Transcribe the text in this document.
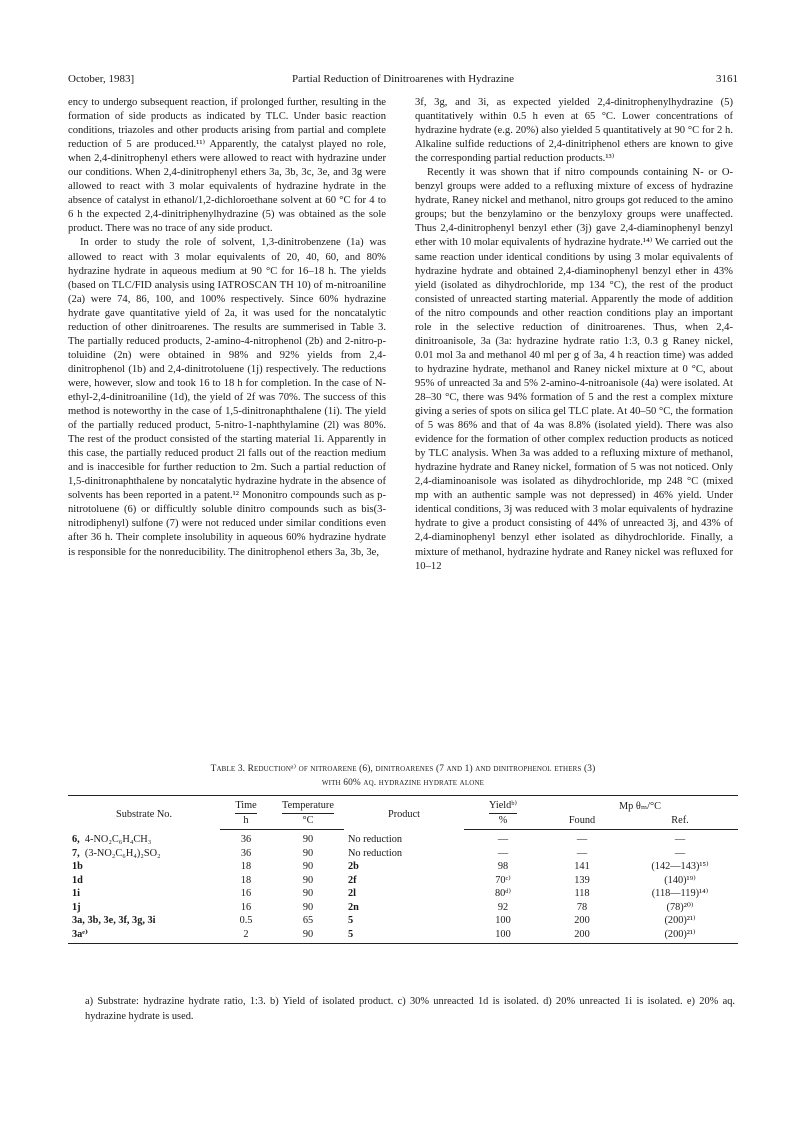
October, 1983]	Partial Reduction of Dinitroarenes with Hydrazine	3161

ency to undergo subsequent reaction, if prolonged further, resulting in the formation of side products as indicated by TLC. Under basic reaction conditions, triazoles and other products arising from partial and complete reduction of 5 are produced.¹¹⁾ Apparently, the catalyst played no role, when 2,4-dinitrophenyl ethers were allowed to react with hydrazine under our conditions. When 2,4-dinitrophenyl ethers 3a, 3b, 3c, 3e, and 3g were allowed to react with 3 molar equivalents of hydrazine hydrate in the absence of catalyst in ethanol/1,2-dichloroethane solvent at 60 °C for 4 to 6 h the expected 2,4-dinitriphenylhydrazine (5) was obtained as the sole product. There was no trace of any side product.

In order to study the role of solvent, 1,3-dinitrobenzene (1a) was allowed to react with 3 molar equivalents of 20, 40, 60, and 80% hydrazine hydrate in aqueous medium at 90 °C for 16–18 h. The yields (based on TLC/FID analysis using IATROSCAN TH 10) of m-nitroaniline (2a) were 74, 86, 100, and 100% respectively. Since 60% hydrazine hydrate gave quantitative yield of 2a, it was used for the noncatalytic reduction of other dinitroarenes. The results are summerised in Table 3. The partially reduced products, 2-amino-4-nitrophenol (2b) and 2-nitro-p-toluidine (2n) were obtained in 98% and 92% yields from 2,4-dinitrophenol (1b) and 2,4-dinitrotoluene (1j) respectively. The reductions were, however, slow and took 16 to 18 h for completion. In the case of N-ethyl-2,4-dinitroaniline (1d), the yield of 2f was 70%. The success of this method is noteworthy in the case of 1,5-dinitronaphthalene (1i). The yield of the partially reduced product, 5-nitro-1-naphthylamine (2l) was 80%. The rest of the product consisted of the starting material 1i. Apparently in this case, the partially reduced product 2l falls out of the reaction medium and is inaccesible for further reduction to 2m. Such a partial reduction of 1,5-dinitronaphthalene by noncatalytic hydrazine hydrate in the absence of solvents has been reported in a patent.¹² Mononitro compounds such as p-nitrotoluene (6) or difficultly soluble dinitro compounds such as bis(3-nitrodiphenyl) sulfone (7) were not reduced under similar conditions even after 36 h. Their complete insolubility in aqueous 60% hydrazine hydrate is responsible for the nonreducibility. The dinitrophenol ethers 3a, 3b, 3e,

3f, 3g, and 3i, as expected yielded 2,4-dinitrophenylhydrazine (5) quantitatively within 0.5 h even at 65 °C. Lower concentrations of hydrazine hydrate (e.g. 20%) also yielded 5 quantitatively at 90 °C for 2 h. Alkaline sulfide reductions of 2,4-dinitriphenol ethers are known to give the corresponding partial reduction products.¹³⁾

Recently it was shown that if nitro compounds containing N- or O-benzyl groups were added to a refluxing mixture of excess of hydrazine hydrate, Raney nickel and methanol, nitro groups got reduced to the amino groups; but the benzylamino or the benzyloxy groups were unaffected. Thus 2,4-dinitrophenyl benzyl ether (3j) gave 2,4-diaminophenyl benzyl ether with 10 molar equivalents of hydrazine hydrate.¹⁴⁾ We carried out the same reaction under identical conditions by using 3 molar equivalents of hydrazine hydrate and obtained 2,4-diaminophenyl benzyl ether in 43% yield (isolated as dihydrochloride, mp 134 °C), the rest of the product consisted of unreacted starting material. Apparently the mode of addition of the nitro compounds and other reaction conditions play an important role in the selective reduction of dinitroarenes. Thus, when 2,4-dinitroanisole, 3a (3a: hydrazine hydrate ratio 1:3, 0.3 g Raney nickel, 0.01 mol 3a and methanol 40 ml per g of 3a, 4 h reaction time) was added to hydrazine hydrate, methanol and Raney nickel mixture at 0 °C, about 95% of unreacted 3a and 5% 2-amino-4-nitroanisole (4a) were isolated. At 28–30 °C, there was 94% formation of 5 and the rest a complex mixture giving a series of spots on silica gel TLC plate. At 40–50 °C, the formation of 5 was 86% and that of 4a was 8.8% (isolated yield). There was also evidence for the formation of other complex reduction products as noticed by TLC analysis. When 3a was added to a refluxing mixture of methanol, hydrazine hydrate and Raney nickel, formation of 5 was not noticed. Only 2,4-diaminoanisole was isolated as dihydrochloride, mp 248 °C (mixed mp with an authentic sample was not depressed) in 46% yield. Under identical conditions, 3j was reduced with 3 molar equivalents of hydrazine hydrate to give a product consisting of 44% of unreacted 3j, and 43% of 2,4-diaminophenyl benzyl ether isolated as dihydrochloride. Finally, a mixture of methanol, hydrazine hydrate and Raney nickel was refluxed for 10–12

Table 3. Reductionᵃ⁾ of nitroarene (6), dinitroarenes (7 and 1) and dinitrophenol ethers (3)
with 60% aq. hydrazine hydrate alone
Substrate No.	Time	Temperature	Product	Yieldᵇ⁾	Mp θₘ/°C	
	h	°C		%	Found	Ref.
6, 4-NO₂C₆H₄CH₃	36	90	No reduction	—	—	—
7, (3-NO₂C₆H₄)₂SO₂	36	90	No reduction	—	—	—
1b	18	90	2b	98	141	(142—143)¹⁵⁾
1d	18	90	2f	70ᶜ⁾	139	(140)¹⁹⁾
1i	16	90	2l	80ᵈ⁾	118	(118—119)¹⁴⁾
1j	16	90	2n	92	78	(78)²⁰⁾
3a, 3b, 3e, 3f, 3g, 3i	0.5	65	5	100	200	(200)²¹⁾
3aᵉ⁾	2	90	5	100	200	(200)²¹⁾
a) Substrate: hydrazine hydrate ratio, 1:3. b) Yield of isolated product. c) 30% unreacted 1d is isolated. d) 20% unreacted 1i is isolated. e) 20% aq. hydrazine hydrate is used.
